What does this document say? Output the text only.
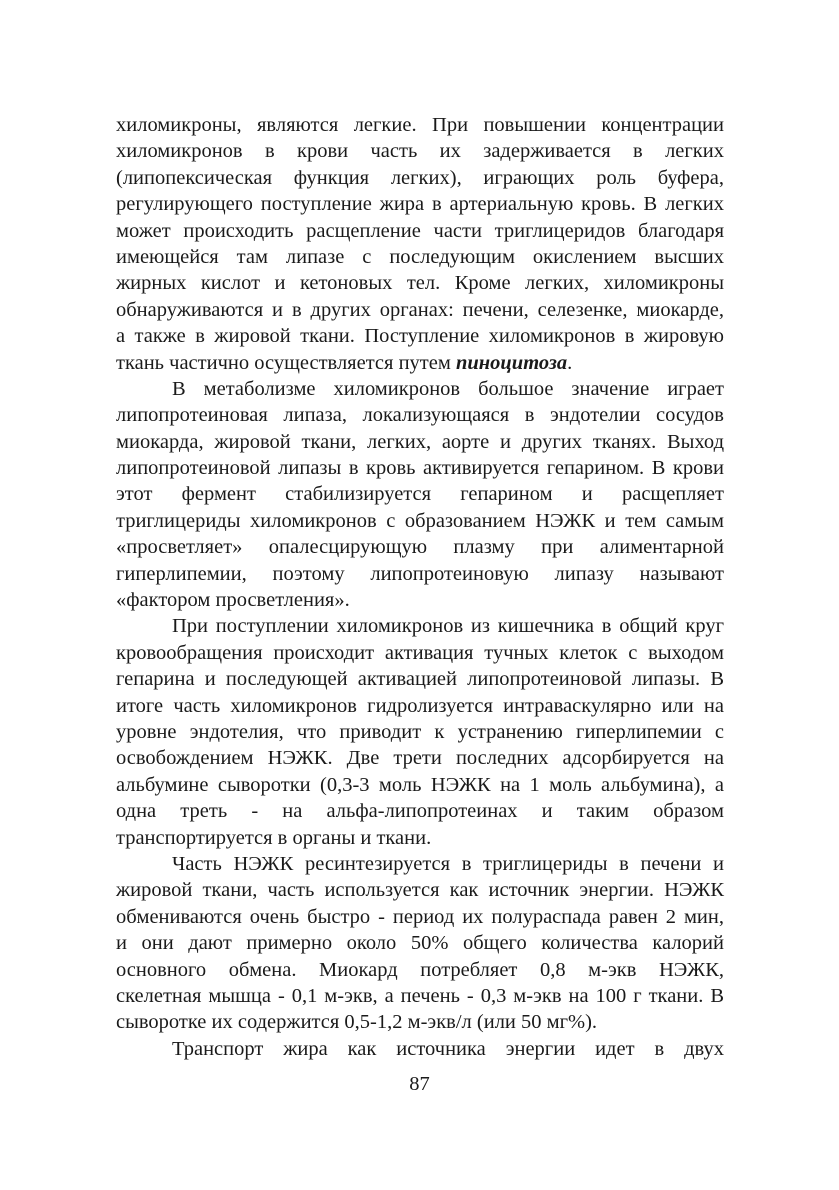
хиломикроны, являются легкие. При повышении концентрации
хиломикронов в крови часть их задерживается в легких
(липопексическая функция легких), играющих роль буфера,
регулирующего поступление жира в артериальную кровь. В легких
может происходить расщепление части триглицеридов благодаря
имеющейся там липазе с последующим окислением высших
жирных кислот и кетоновых тел. Кроме легких, хиломикроны
обнаруживаются и в других органах: печени, селезенке, миокарде,
а также в жировой ткани. Поступление хиломикронов в жировую
ткань частично осуществляется путем пиноцитоза.
В метаболизме хиломикронов большое значение играет
липопротеиновая липаза, локализующаяся в эндотелии сосудов
миокарда, жировой ткани, легких, аорте и других тканях. Выход
липопротеиновой липазы в кровь активируется гепарином. В крови
этот фермент стабилизируется гепарином и расщепляет
триглицериды хиломикронов с образованием НЭЖК и тем самым
«просветляет» опалесцирующую плазму при алиментарной
гиперлипемии, поэтому липопротеиновую липазу называют
«фактором просветления».
При поступлении хиломикронов из кишечника в общий круг
кровообращения происходит активация тучных клеток с выходом
гепарина и последующей активацией липопротеиновой липазы. В
итоге часть хиломикронов гидролизуется интраваскулярно или на
уровне эндотелия, что приводит к устранению гиперлипемии с
освобождением НЭЖК. Две трети последних адсорбируется на
альбумине сыворотки (0,3-3 моль НЭЖК на 1 моль альбумина), а
одна треть - на альфа-липопротеинах и таким образом
транспортируется в органы и ткани.
Часть НЭЖК ресинтезируется в триглицериды в печени и
жировой ткани, часть используется как источник энергии. НЭЖК
обмениваются очень быстро - период их полураспада равен 2 мин,
и они дают примерно около 50% общего количества калорий
основного обмена. Миокард потребляет 0,8 м-экв НЭЖК,
скелетная мышца - 0,1 м-экв, а печень - 0,3 м-экв на 100 г ткани. В
сыворотке их содержится 0,5-1,2 м-экв/л (или 50 мг%).
Транспорт жира как источника энергии идет в двух
87
